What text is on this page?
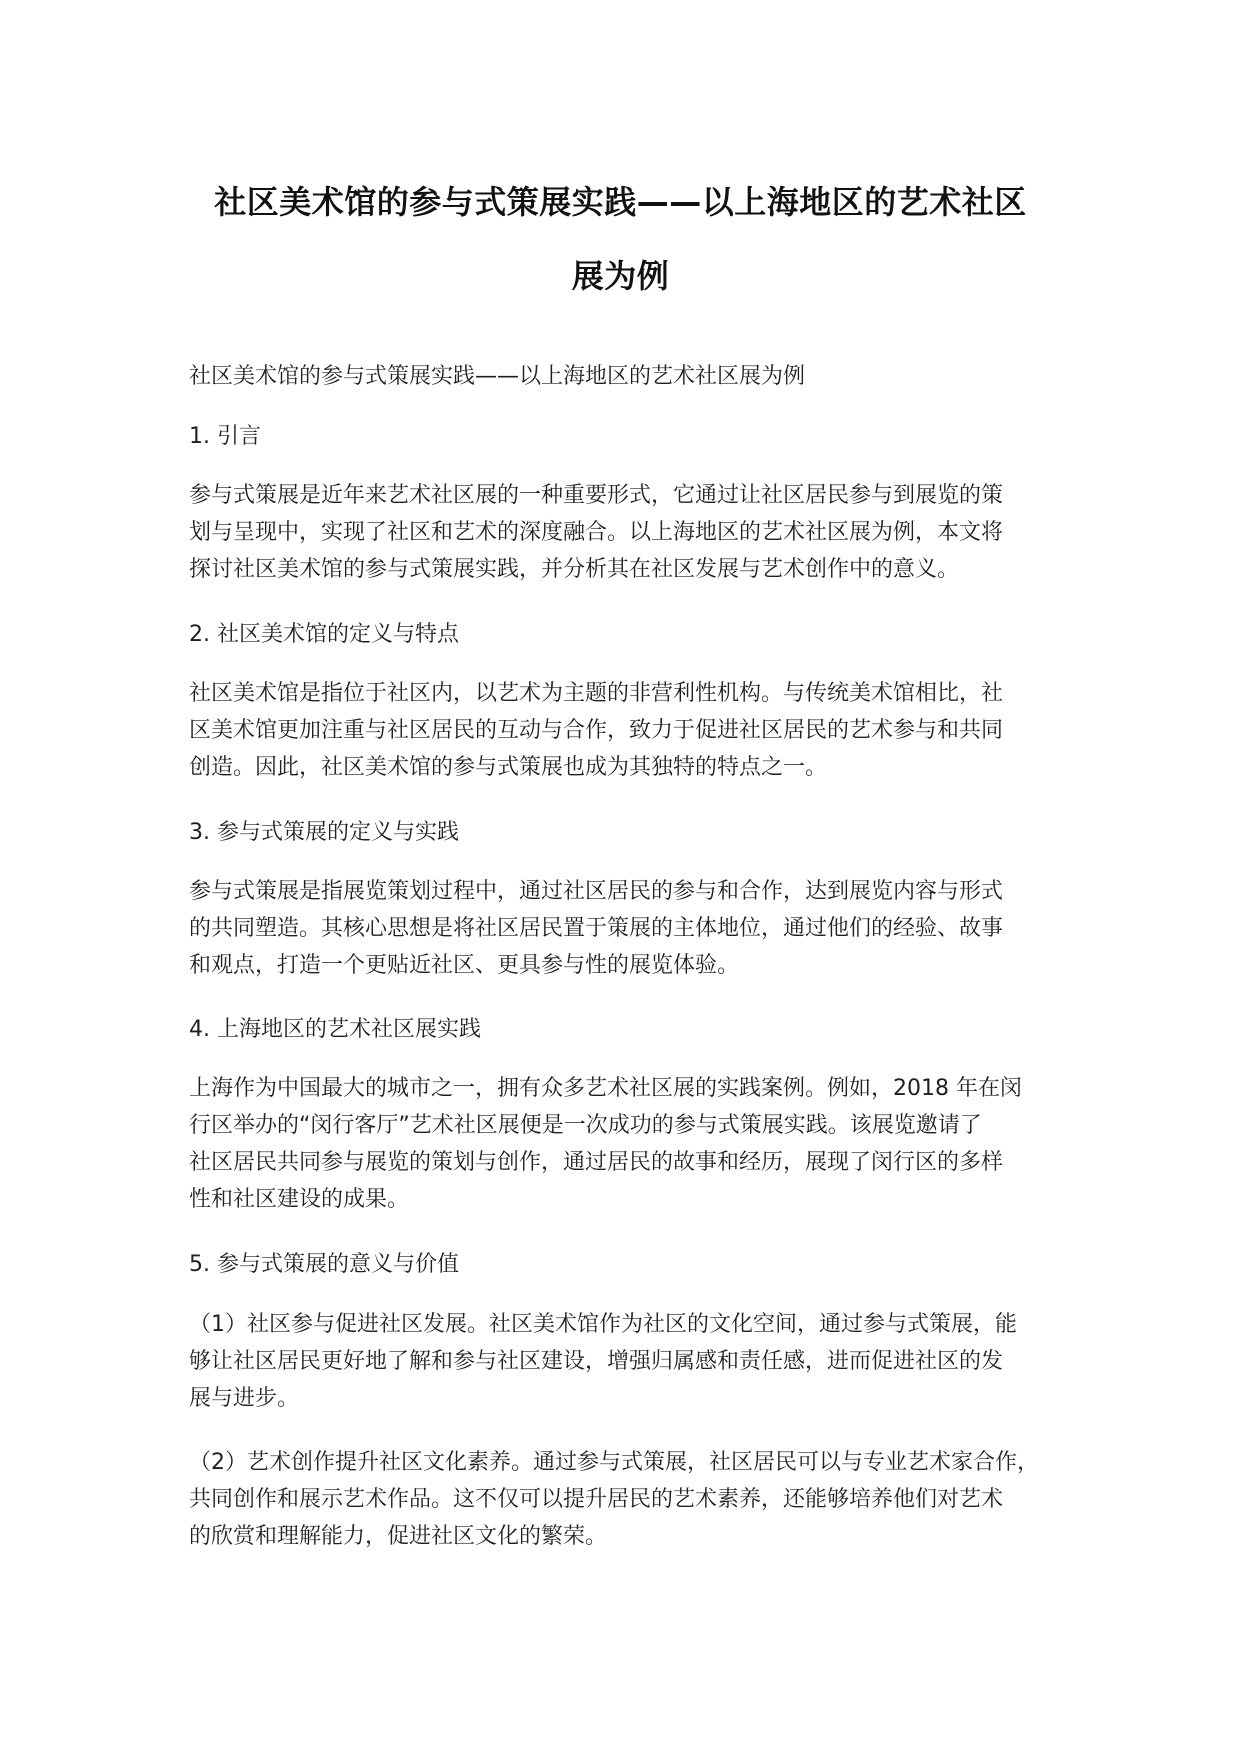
社区美术馆的参与式策展实践——以上海地区的艺术社区
展为例

社区美术馆的参与式策展实践——以上海地区的艺术社区展为例

1. 引言

参与式策展是近年来艺术社区展的一种重要形式，它通过让社区居民参与到展览的策

划与呈现中，实现了社区和艺术的深度融合。以上海地区的艺术社区展为例，本文将

探讨社区美术馆的参与式策展实践，并分析其在社区发展与艺术创作中的意义。

2. 社区美术馆的定义与特点

社区美术馆是指位于社区内，以艺术为主题的非营利性机构。与传统美术馆相比，社

区美术馆更加注重与社区居民的互动与合作，致力于促进社区居民的艺术参与和共同

创造。因此，社区美术馆的参与式策展也成为其独特的特点之一。

3. 参与式策展的定义与实践

参与式策展是指展览策划过程中，通过社区居民的参与和合作，达到展览内容与形式

的共同塑造。其核心思想是将社区居民置于策展的主体地位，通过他们的经验、故事

和观点，打造一个更贴近社区、更具参与性的展览体验。

4. 上海地区的艺术社区展实践

上海作为中国最大的城市之一，拥有众多艺术社区展的实践案例。例如，2018 年在闵

行区举办的“闵行客厅”艺术社区展便是一次成功的参与式策展实践。该展览邀请了

社区居民共同参与展览的策划与创作，通过居民的故事和经历，展现了闵行区的多样

性和社区建设的成果。

5. 参与式策展的意义与价值

（1）社区参与促进社区发展。社区美术馆作为社区的文化空间，通过参与式策展，能

够让社区居民更好地了解和参与社区建设，增强归属感和责任感，进而促进社区的发

展与进步。

（2）艺术创作提升社区文化素养。通过参与式策展，社区居民可以与专业艺术家合作，

共同创作和展示艺术作品。这不仅可以提升居民的艺术素养，还能够培养他们对艺术

的欣赏和理解能力，促进社区文化的繁荣。
